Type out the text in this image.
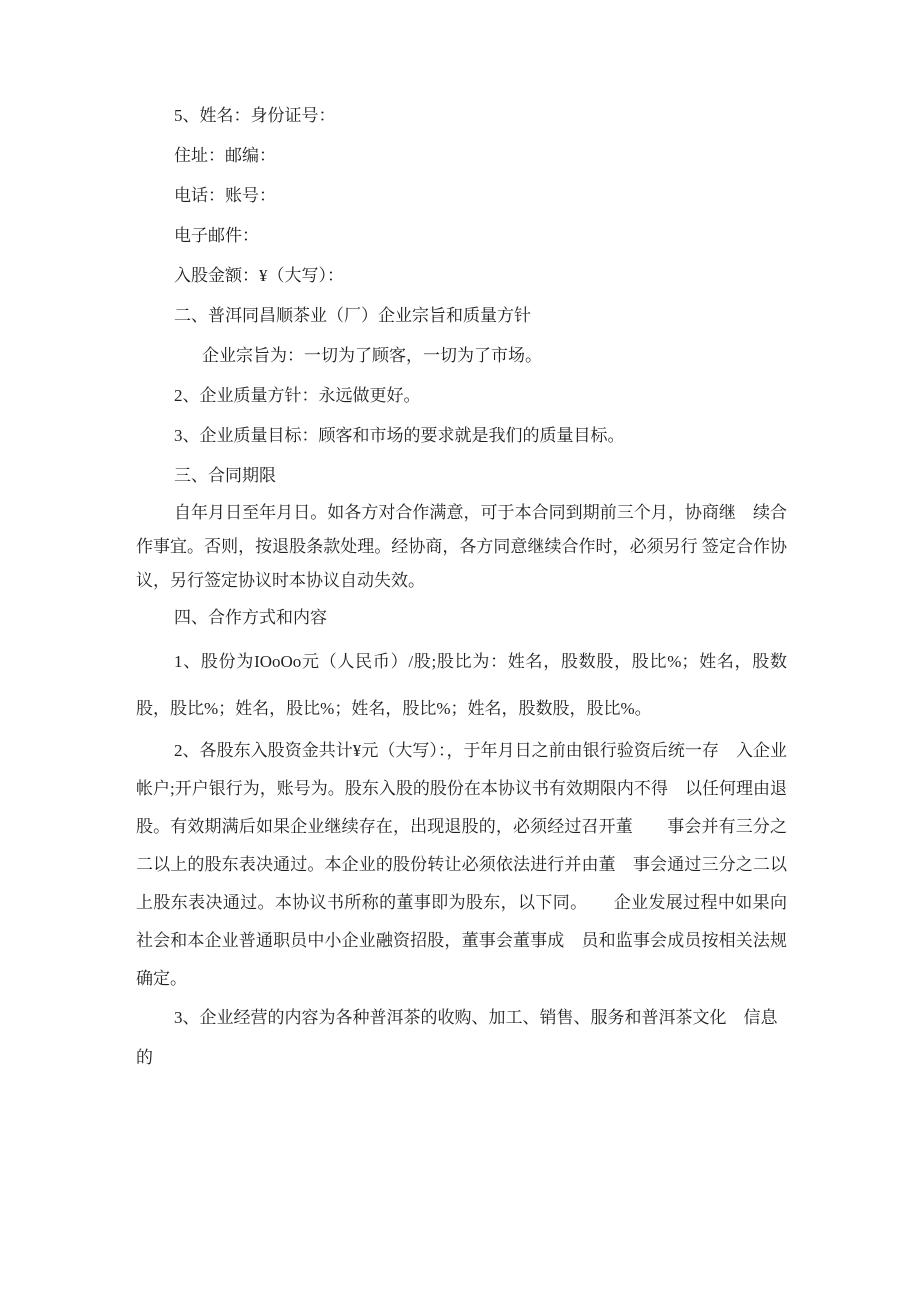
5、姓名：身份证号：

住址：邮编：

电话：账号：

电子邮件：

入股金额：¥（大写）：

二、普洱同昌顺茶业（厂）企业宗旨和质量方针

企业宗旨为：一切为了顾客，一切为了市场。

2、企业质量方针：永远做更好。

3、企业质量目标：顾客和市场的要求就是我们的质量目标。

三、合同期限

自年月日至年月日。如各方对合作满意，可于本合同到期前三个月，协商继　续合作事宜。否则，按退股条款处理。经协商，各方同意继续合作时，必须另行 签定合作协议，另行签定协议时本协议自动失效。

四、合作方式和内容

1、股份为IOoOo元（人民币）/股;股比为：姓名，股数股，股比%；姓名，股数股，股比%；姓名，股比%；姓名，股比%；姓名，股数股，股比%。

2、各股东入股资金共计¥元（大写）：，于年月日之前由银行验资后统一存　入企业帐户;开户银行为，账号为。股东入股的股份在本协议书有效期限内不得　以任何理由退股。有效期满后如果企业继续存在，出现退股的，必须经过召开董　　事会并有三分之二以上的股东表决通过。本企业的股份转让必须依法进行并由董　事会通过三分之二以上股东表决通过。本协议书所称的董事即为股东，以下同。　　企业发展过程中如果向社会和本企业普通职员中小企业融资招股，董事会董事成　员和监事会成员按相关法规确定。

3、企业经营的内容为各种普洱茶的收购、加工、销售、服务和普洱茶文化　信息的
